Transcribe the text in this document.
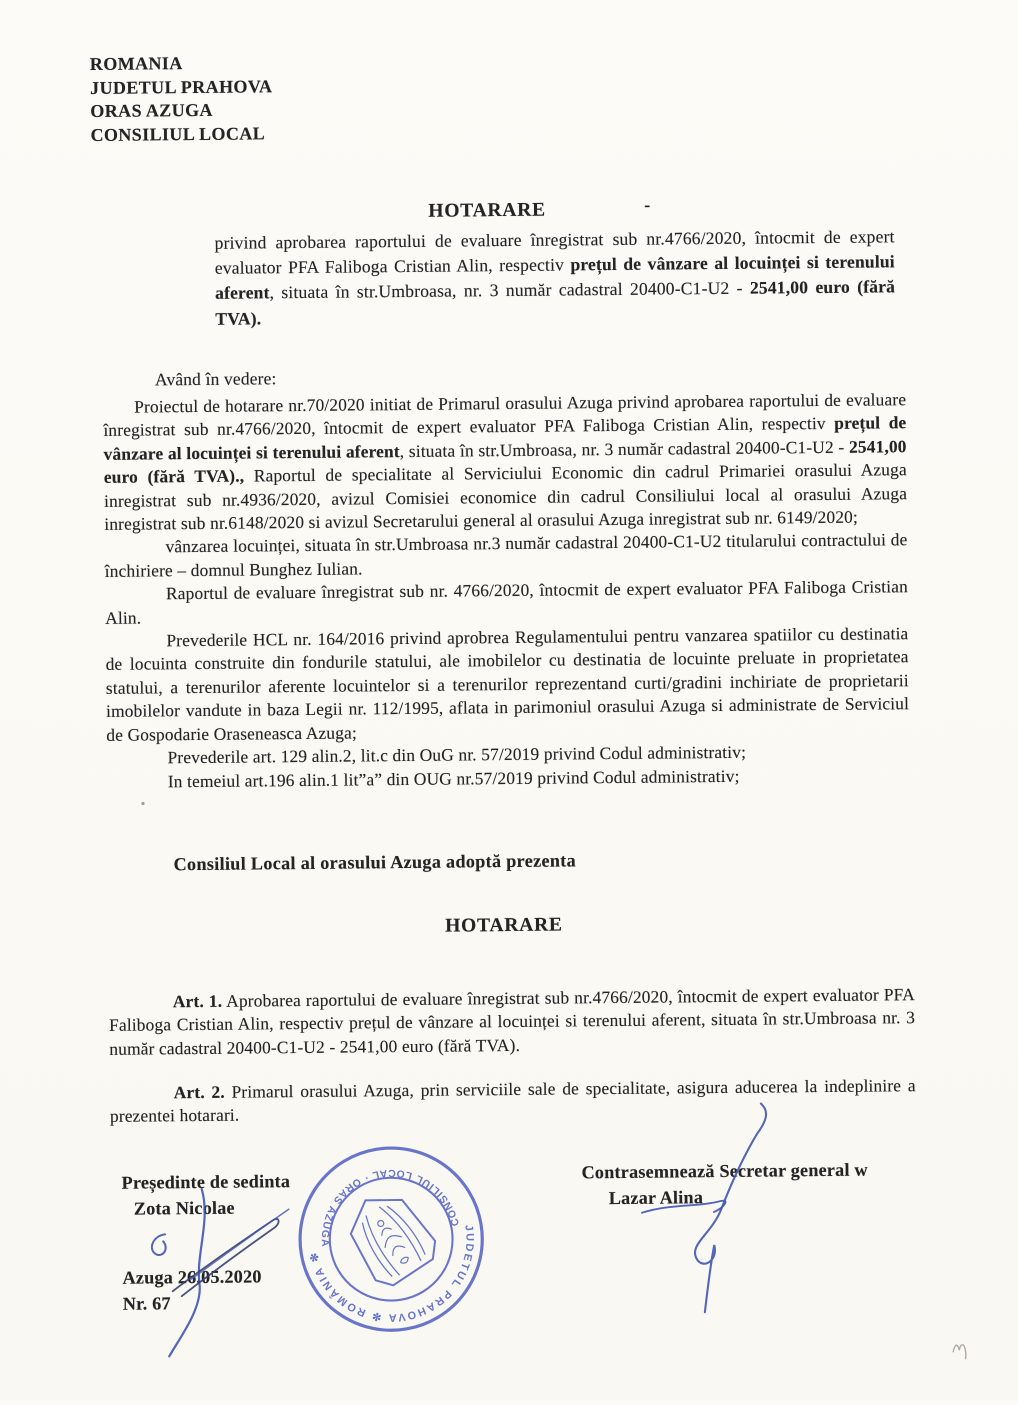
ROMANIA
JUDETUL PRAHOVA
ORAS AZUGA
CONSILIUL LOCAL
HOTARARE	-
privind aprobarea raportului de evaluare înregistrat sub nr.4766/2020, întocmit de expert evaluator PFA Faliboga Cristian Alin, respectiv prețul de vânzare al locuinței si terenului aferent, situata în str.Umbroasa, nr. 3 număr cadastral 20400-C1-U2 - 2541,00 euro (fără TVA).
Având în vedere:

Proiectul de hotarare nr.70/2020 initiat de Primarul orasului Azuga privind aprobarea raportului de evaluare înregistrat sub nr.4766/2020, întocmit de expert evaluator PFA Faliboga Cristian Alin, respectiv prețul de vânzare al locuinței si terenului aferent, situata în str.Umbroasa, nr. 3 număr cadastral 20400-C1-U2 - 2541,00 euro (fără TVA)., Raportul de specialitate al Serviciului Economic din cadrul Primariei orasului Azuga inregistrat sub nr.4936/2020, avizul Comisiei economice din cadrul Consiliului local al orasului Azuga inregistrat sub nr.6148/2020 si avizul Secretarului general al orasului Azuga inregistrat sub nr. 6149/2020;

vânzarea locuinței, situata în str.Umbroasa nr.3 număr cadastral 20400-C1-U2 titularului contractului de închiriere – domnul Bunghez Iulian.

Raportul de evaluare înregistrat sub nr. 4766/2020, întocmit de expert evaluator PFA Faliboga Cristian Alin.

Prevederile HCL nr. 164/2016 privind aprobrea Regulamentului pentru vanzarea spatiilor cu destinatia de locuinta construite din fondurile statului, ale imobilelor cu destinatia de locuinte preluate in proprietatea statului, a terenurilor aferente locuintelor si a terenurilor reprezentand curti/gradini inchiriate de proprietarii imobilelor vandute in baza Legii nr. 112/1995, aflata in parimoniul orasului Azuga si administrate de Serviciul de Gospodarie Oraseneasca Azuga;

Prevederile art. 129 alin.2, lit.c din OuG nr. 57/2019 privind Codul administrativ;

In temeiul art.196 alin.1 lit”a” din OUG nr.57/2019 privind Codul administrativ;

Consiliul Local al orasului Azuga adoptă prezenta
HOTARARE
Art. 1. Aprobarea raportului de evaluare înregistrat sub nr.4766/2020, întocmit de expert evaluator PFA Faliboga Cristian Alin, respectiv prețul de vânzare al locuinței si terenului aferent, situata în str.Umbroasa nr. 3 număr cadastral 20400-C1-U2 - 2541,00 euro (fără TVA).
Art. 2. Primarul orasului Azuga, prin serviciile sale de specialitate, asigura aducerea la indeplinire a prezentei hotarari.
Președinte de sedinta
Zota Nicolae
Azuga 26.05.2020
Nr. 67
Contrasemnează Secretar general w
Lazar Alina
JUDETUL PRAHOVA ✼ ROMÂNIA ✼
CONSILIUL LOCAL · ORAS AZUGA
